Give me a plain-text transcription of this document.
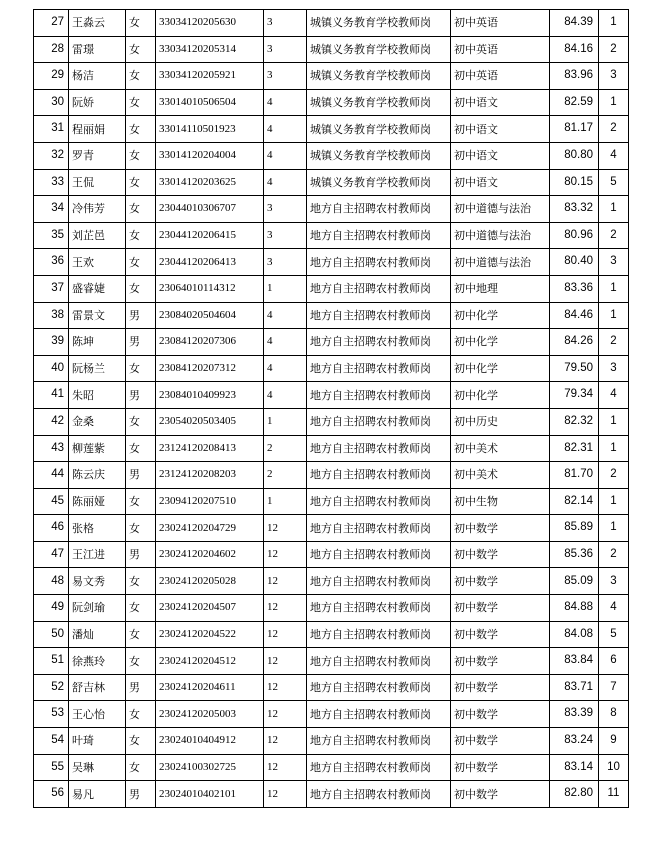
27	王淼云	女	33034120205630	3	城镇义务教育学校教师岗	初中英语	84.39	1
28	雷璟	女	33034120205314	3	城镇义务教育学校教师岗	初中英语	84.16	2
29	杨洁	女	33034120205921	3	城镇义务教育学校教师岗	初中英语	83.96	3
30	阮娇	女	33014010506504	4	城镇义务教育学校教师岗	初中语文	82.59	1
31	程丽娟	女	33014110501923	4	城镇义务教育学校教师岗	初中语文	81.17	2
32	罗青	女	33014120204004	4	城镇义务教育学校教师岗	初中语文	80.80	4
33	王侃	女	33014120203625	4	城镇义务教育学校教师岗	初中语文	80.15	5
34	冷伟芳	女	23044010306707	3	地方自主招聘农村教师岗	初中道德与法治	83.32	1
35	刘芷邑	女	23044120206415	3	地方自主招聘农村教师岗	初中道德与法治	80.96	2
36	王欢	女	23044120206413	3	地方自主招聘农村教师岗	初中道德与法治	80.40	3
37	盛睿婕	女	23064010114312	1	地方自主招聘农村教师岗	初中地理	83.36	1
38	雷景文	男	23084020504604	4	地方自主招聘农村教师岗	初中化学	84.46	1
39	陈坤	男	23084120207306	4	地方自主招聘农村教师岗	初中化学	84.26	2
40	阮杨兰	女	23084120207312	4	地方自主招聘农村教师岗	初中化学	79.50	3
41	朱昭	男	23084010409923	4	地方自主招聘农村教师岗	初中化学	79.34	4
42	金桑	女	23054020503405	1	地方自主招聘农村教师岗	初中历史	82.32	1
43	柳莲紫	女	23124120208413	2	地方自主招聘农村教师岗	初中美术	82.31	1
44	陈云庆	男	23124120208203	2	地方自主招聘农村教师岗	初中美术	81.70	2
45	陈丽娅	女	23094120207510	1	地方自主招聘农村教师岗	初中生物	82.14	1
46	张格	女	23024120204729	12	地方自主招聘农村教师岗	初中数学	85.89	1
47	王江进	男	23024120204602	12	地方自主招聘农村教师岗	初中数学	85.36	2
48	易文秀	女	23024120205028	12	地方自主招聘农村教师岗	初中数学	85.09	3
49	阮剑瑜	女	23024120204507	12	地方自主招聘农村教师岗	初中数学	84.88	4
50	潘灿	女	23024120204522	12	地方自主招聘农村教师岗	初中数学	84.08	5
51	徐燕玲	女	23024120204512	12	地方自主招聘农村教师岗	初中数学	83.84	6
52	舒吉林	男	23024120204611	12	地方自主招聘农村教师岗	初中数学	83.71	7
53	王心怡	女	23024120205003	12	地方自主招聘农村教师岗	初中数学	83.39	8
54	叶琦	女	23024010404912	12	地方自主招聘农村教师岗	初中数学	83.24	9
55	吴琳	女	23024100302725	12	地方自主招聘农村教师岗	初中数学	83.14	10
56	易凡	男	23024010402101	12	地方自主招聘农村教师岗	初中数学	82.80	11
